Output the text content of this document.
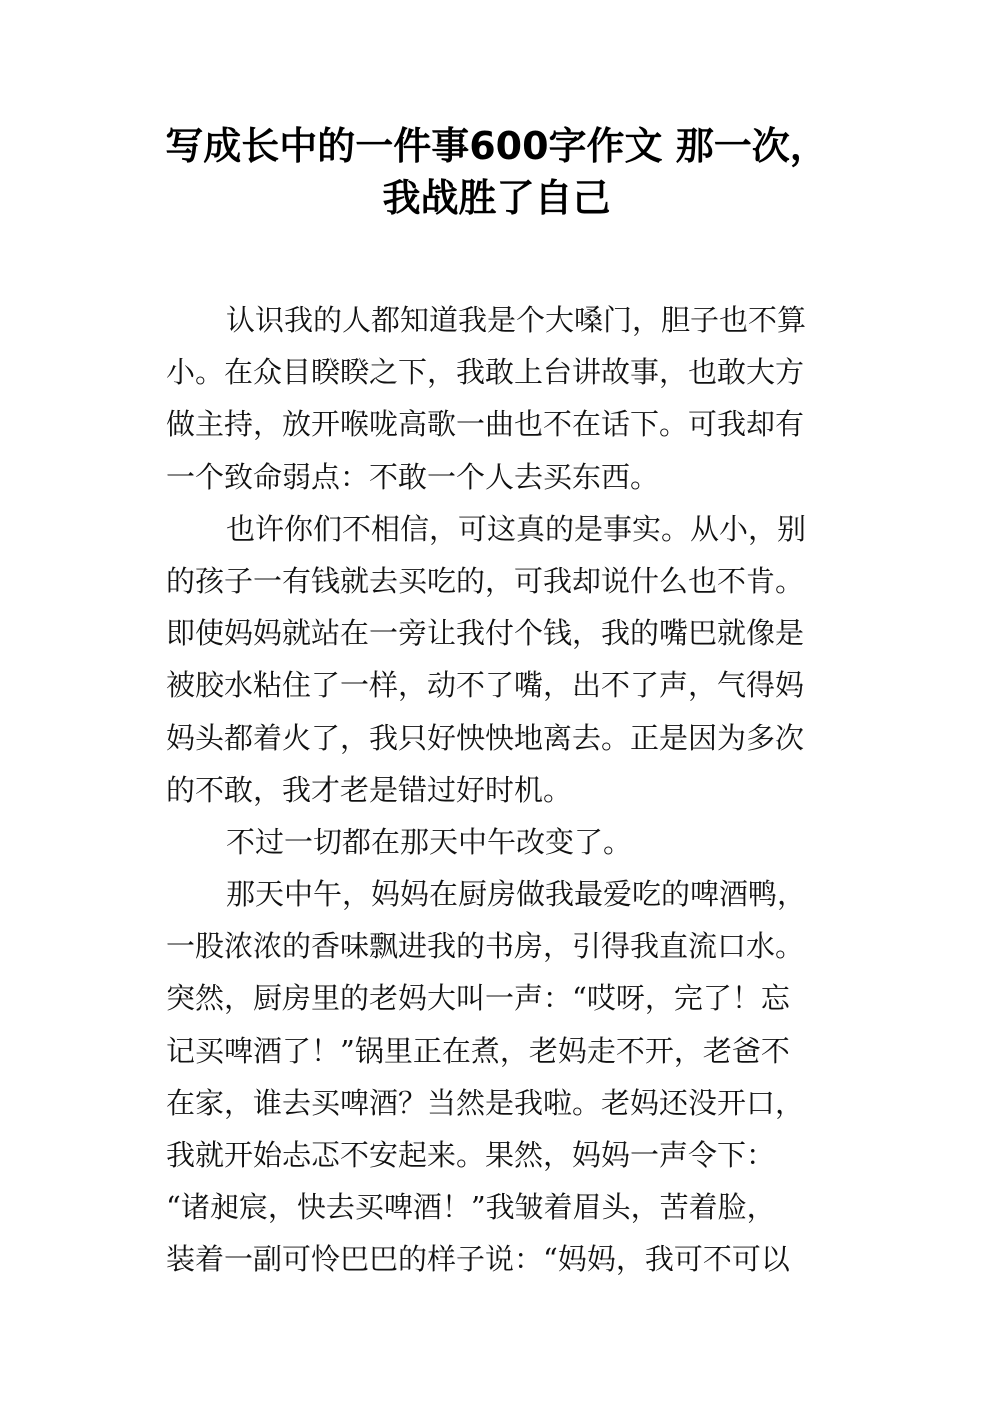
写成长中的一件事600字作文 那一次，
我战胜了自己
认识我的人都知道我是个大嗓门，胆子也不算
小。在众目睽睽之下，我敢上台讲故事，也敢大方
做主持，放开喉咙高歌一曲也不在话下。可我却有
一个致命弱点：不敢一个人去买东西。
也许你们不相信，可这真的是事实。从小，别
的孩子一有钱就去买吃的，可我却说什么也不肯。
即使妈妈就站在一旁让我付个钱，我的嘴巴就像是
被胶水粘住了一样，动不了嘴，出不了声，气得妈
妈头都着火了，我只好怏怏地离去。正是因为多次
的不敢，我才老是错过好时机。
不过一切都在那天中午改变了。
那天中午，妈妈在厨房做我最爱吃的啤酒鸭，
一股浓浓的香味飘进我的书房，引得我直流口水。
突然，厨房里的老妈大叫一声：“哎呀，完了！忘
记买啤酒了！”锅里正在煮，老妈走不开，老爸不
在家，谁去买啤酒？当然是我啦。老妈还没开口，
我就开始忐忑不安起来。果然，妈妈一声令下：
“诸昶宸，快去买啤酒！”我皱着眉头，苦着脸，
装着一副可怜巴巴的样子说：“妈妈，我可不可以
